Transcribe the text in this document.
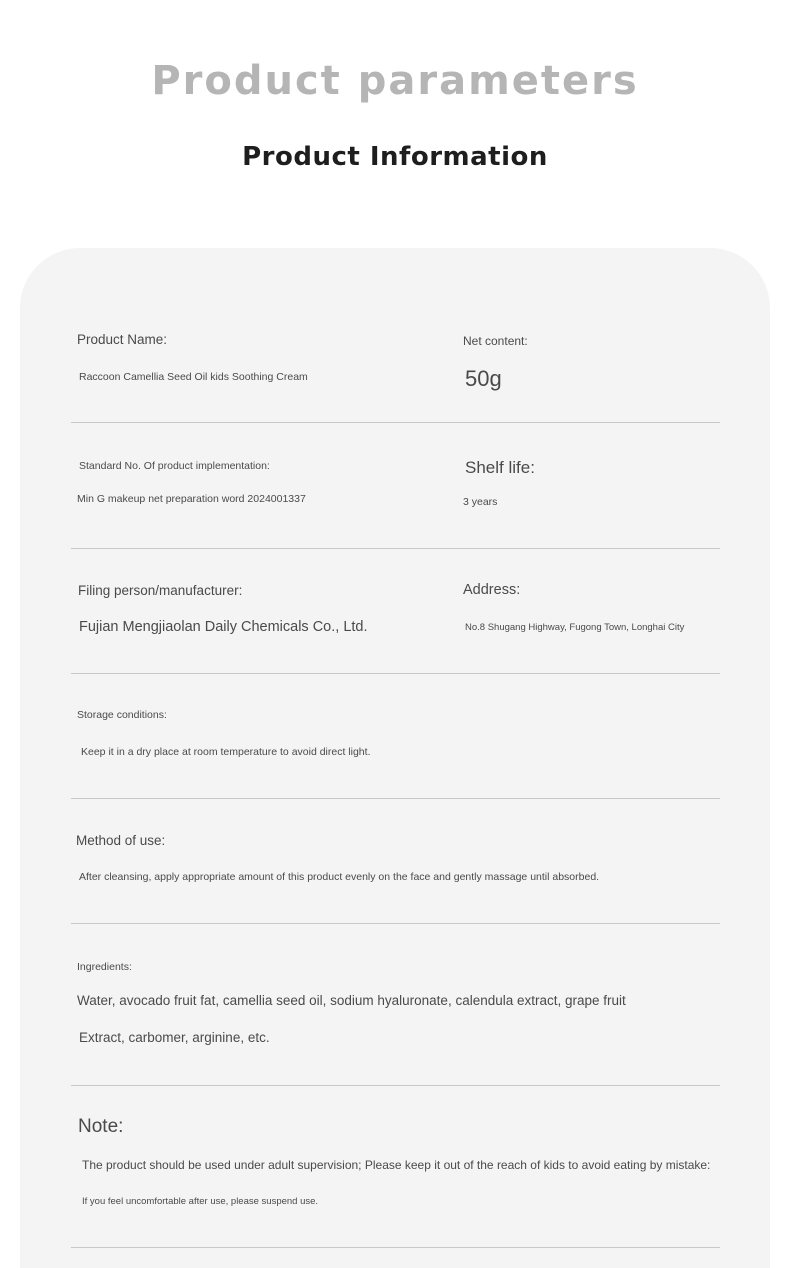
Product parameters
Product Information

Product Name:

Raccoon Camellia Seed Oil kids Soothing Cream

Net content:

50g

Standard No. Of product implementation:

Min G makeup net preparation word 2024001337

Shelf life:

3 years

Filing person/manufacturer:

Fujian Mengjiaolan Daily Chemicals Co., Ltd.

Address:

No.8 Shugang Highway, Fugong Town, Longhai City

Storage conditions:

Keep it in a dry place at room temperature to avoid direct light.

Method of use:

After cleansing, apply appropriate amount of this product evenly on the face and gently massage until absorbed.

Ingredients:

Water, avocado fruit fat, camellia seed oil, sodium hyaluronate, calendula extract, grape fruit

Extract, carbomer, arginine, etc.

Note:

The product should be used under adult supervision; Please keep it out of the reach of kids to avoid eating by mistake:

If you feel uncomfortable after use, please suspend use.
